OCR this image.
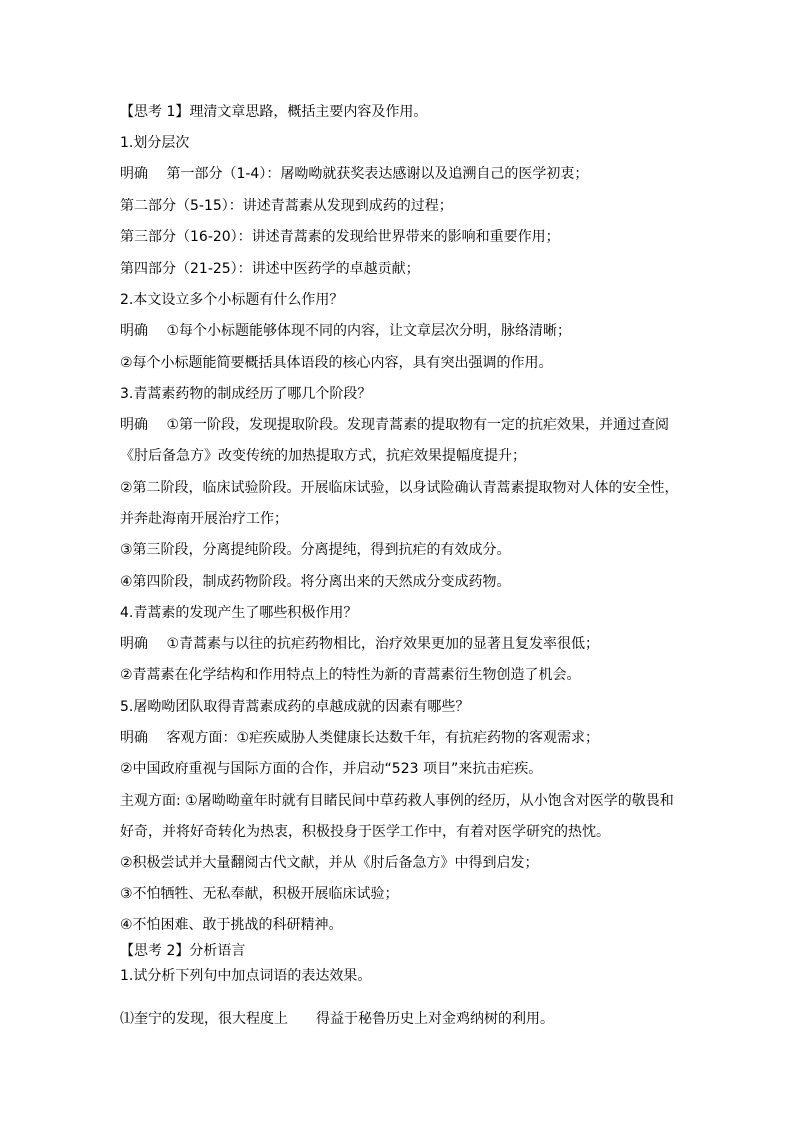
【思考 1】理清文章思路，概括主要内容及作用。
1.划分层次
明确　 第一部分（1-4）：屠呦呦就获奖表达感谢以及追溯自己的医学初衷；
第二部分（5-15）：讲述青蒿素从发现到成药的过程；
第三部分（16-20）：讲述青蒿素的发现给世界带来的影响和重要作用；
第四部分（21-25）：讲述中医药学的卓越贡献；
2.本文设立多个小标题有什么作用？
明确　 ①每个小标题能够体现不同的内容，让文章层次分明，脉络清晰；
②每个小标题能简要概括具体语段的核心内容，具有突出强调的作用。
3.青蒿素药物的制成经历了哪几个阶段？
明确　 ①第一阶段，发现提取阶段。发现青蒿素的提取物有一定的抗疟效果，并通过查阅
《肘后备急方》改变传统的加热提取方式，抗疟效果提幅度提升；
②第二阶段，临床试验阶段。开展临床试验，以身试险确认青蒿素提取物对人体的安全性，
并奔赴海南开展治疗工作；
③第三阶段，分离提纯阶段。分离提纯，得到抗疟的有效成分。
④第四阶段，制成药物阶段。将分离出来的天然成分变成药物。
4.青蒿素的发现产生了哪些积极作用？
明确　 ①青蒿素与以往的抗疟药物相比，治疗效果更加的显著且复发率很低；
②青蒿素在化学结构和作用特点上的特性为新的青蒿素衍生物创造了机会。
5.屠呦呦团队取得青蒿素成药的卓越成就的因素有哪些？
明确　 客观方面：①疟疾威胁人类健康长达数千年，有抗疟药物的客观需求；
②中国政府重视与国际方面的合作，并启动“523 项目”来抗击疟疾。
主观方面: ①屠呦呦童年时就有目睹民间中草药救人事例的经历，从小饱含对医学的敬畏和
好奇，并将好奇转化为热衷，积极投身于医学工作中，有着对医学研究的热忱。
②积极尝试并大量翻阅古代文献，并从《肘后备急方》中得到启发；
③不怕牺牲、无私奉献，积极开展临床试验；
④不怕困难、敢于挑战的科研精神。
【思考 2】分析语言
1.试分析下列句中加点词语的表达效果。
⑴奎宁的发现，很大程度上　　得益于秘鲁历史上对金鸡纳树的利用。
